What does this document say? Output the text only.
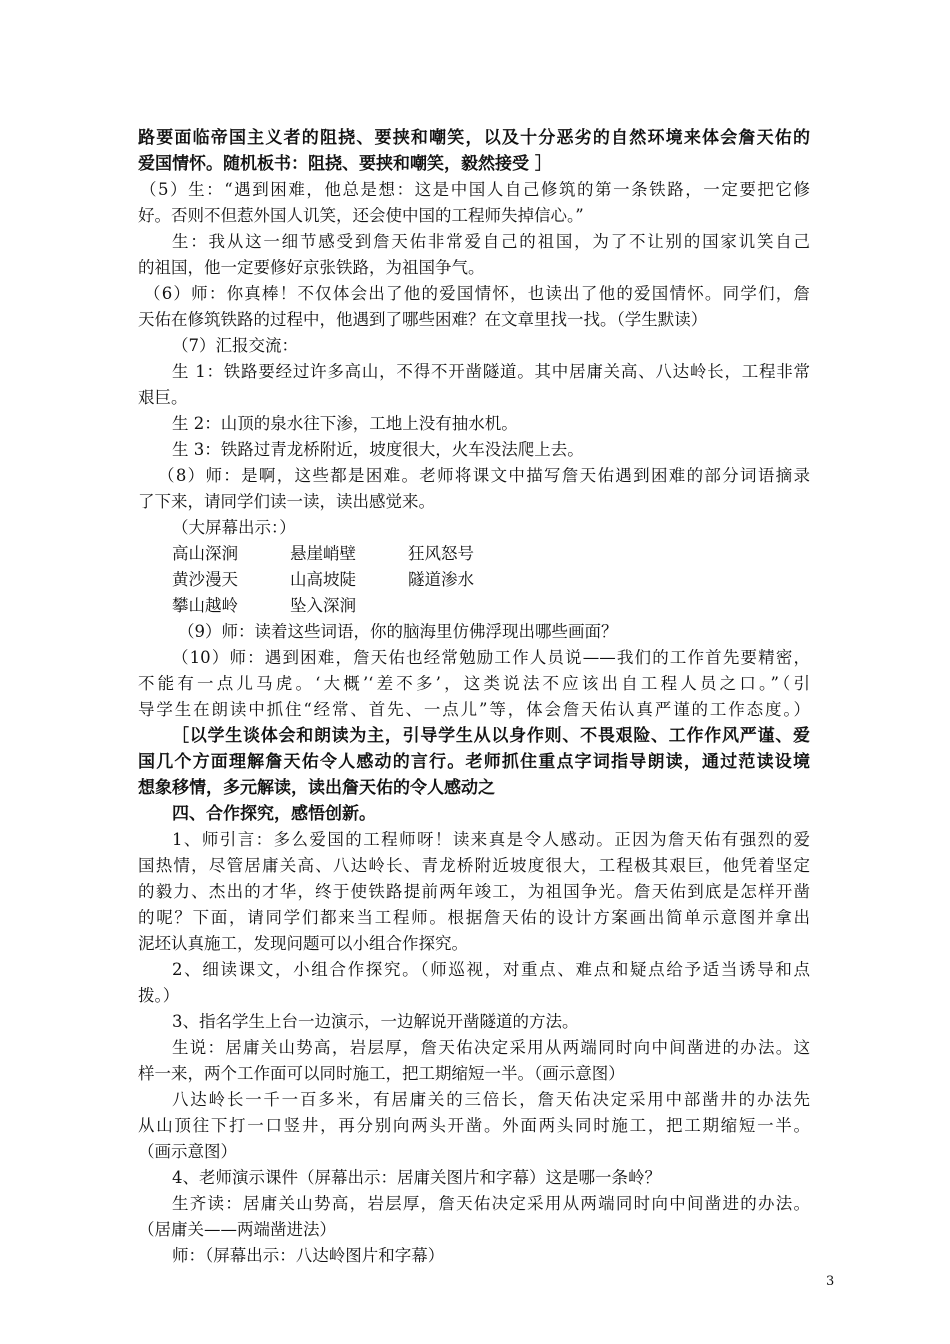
路要面临帝国主义者的阻挠、要挟和嘲笑，以及十分恶劣的自然环境来体会詹天佑的
爱国情怀。随机板书：阻挠、要挟和嘲笑，毅然接受 ］
（5）生：“遇到困难，他总是想：这是中国人自己修筑的第一条铁路，一定要把它修
好。否则不但惹外国人讥笑，还会使中国的工程师失掉信心。”
生：我从这一细节感受到詹天佑非常爱自己的祖国，为了不让别的国家讥笑自己
的祖国，他一定要修好京张铁路，为祖国争气。
（6）师：你真棒！不仅体会出了他的爱国情怀，也读出了他的爱国情怀。同学们，詹
天佑在修筑铁路的过程中，他遇到了哪些困难？在文章里找一找。（学生默读）
（7）汇报交流：
生 1：铁路要经过许多高山，不得不开凿隧道。其中居庸关高、八达岭长，工程非常
艰巨。
生 2：山顶的泉水往下渗，工地上没有抽水机。
生 3：铁路过青龙桥附近，坡度很大，火车没法爬上去。
（8）师：是啊，这些都是困难。老师将课文中描写詹天佑遇到困难的部分词语摘录
了下来，请同学们读一读，读出感觉来。
（大屏幕出示：）
高山深涧	悬崖峭壁	狂风怒号
黄沙漫天	山高坡陡	隧道渗水
攀山越岭	坠入深涧
（9）师：读着这些词语，你的脑海里仿佛浮现出哪些画面？
（10）师：遇到困难，詹天佑也经常勉励工作人员说——我们的工作首先要精密，
不能有一点儿马虎。‘大概’‘差不多’，这类说法不应该出自工程人员之口。”（引
导学生在朗读中抓住“经常、首先、一点儿”等，体会詹天佑认真严谨的工作态度。）
［以学生谈体会和朗读为主，引导学生从以身作则、不畏艰险、工作作风严谨、爱
国几个方面理解詹天佑令人感动的言行。老师抓住重点字词指导朗读，通过范读设境
想象移情，多元解读，读出詹天佑的令人感动之
四、合作探究，感悟创新。
1、师引言：多么爱国的工程师呀！读来真是令人感动。正因为詹天佑有强烈的爱
国热情，尽管居庸关高、八达岭长、青龙桥附近坡度很大，工程极其艰巨，他凭着坚定
的毅力、杰出的才华，终于使铁路提前两年竣工，为祖国争光。詹天佑到底是怎样开凿
的呢？下面，请同学们都来当工程师。根据詹天佑的设计方案画出简单示意图并拿出
泥坯认真施工，发现问题可以小组合作探究。
2、细读课文，小组合作探究。（师巡视，对重点、难点和疑点给予适当诱导和点
拨。）
3、指名学生上台一边演示，一边解说开凿隧道的方法。
生说：居庸关山势高，岩层厚，詹天佑决定采用从两端同时向中间凿进的办法。这
样一来，两个工作面可以同时施工，把工期缩短一半。（画示意图）
八达岭长一千一百多米，有居庸关的三倍长，詹天佑决定采用中部凿井的办法先
从山顶往下打一口竖井，再分别向两头开凿。外面两头同时施工，把工期缩短一半。
（画示意图）
4、老师演示课件（屏幕出示：居庸关图片和字幕）这是哪一条岭？
生齐读：居庸关山势高，岩层厚，詹天佑决定采用从两端同时向中间凿进的办法。
（居庸关——两端凿进法）
师：（屏幕出示：八达岭图片和字幕）
3
